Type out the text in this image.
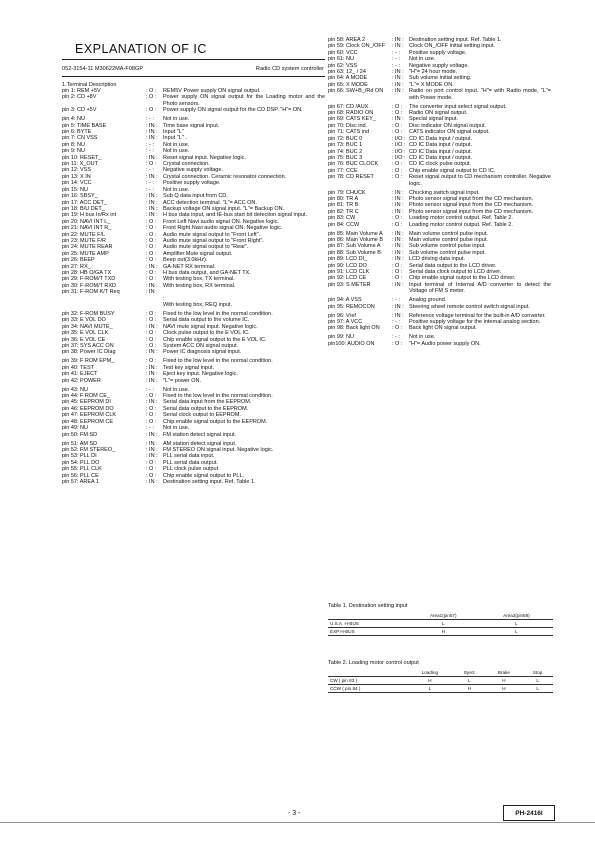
EXPLANATION OF IC
052-3154-11 M30622MA-F08GP	Radio CD system controller
1.Terminal Description
pin 1: REM +5V	: O :	REM5V Power supply ON signal output.
pin 2: CD +8V	: O :	Power supply ON signal output for the Loading motor and the Photo sensors.
pin 3: CD +5V	: O :	Power supply ON signal output for the CD DSP. "H"= ON.
pin 4: NU	: - :	Not in use.
pin 5: TIME BASE	: IN : Time base signal input.
pin 6: BYTE	: IN : Input "L"
pin 7: CN VSS	: IN : Input "L" .
pin 8: NU	: - :	Not in use.
pin 9: NU	: - :	Not in use.
pin 10: RESET_	: IN : Reset signal input. Negative logic.
pin 11: X_OUT	: O :	Crystal connection.
pin 12: VSS	: - :	Negative supply voltage.
pin 13: X IN	: IN : Crystal connection. Ceramic resonator connection.
pin 14: VCC	: - :	Positive supply voltage.
pin 15: NU	: - :	Not in use.
pin 16: SBSY_	: IN : Sub Q data input from CD.
pin 17: ACC DET_	: IN : ACC detection terminal. "L"= ACC ON.
pin 18: B/U DET_	: IN : Backup voltage ON signal input. "L"= Backup ON.
pin 19: H bus In/Rx int	: IN : H bus data input, and IE-bus start bit detection signal input.
pin 20: NAVI INT L_	: O :	Front Left Navi audio signal ON. Negative logic.
pin 21: NAVI INT R_	: O :	Front Right Navi audio signal ON. Negative logic.
pin 22: MUTE F/L	: O :	Audio mute signal output to "Front Left".
pin 23: MUTE F/R	: O :	Audio mute signal output to "Front Right".
pin 24: MUTE REAR	: O :	Audio mute signal output to "Rear".
pin 25: MUTE AMP	: O :	Amplifier Mute signal output.
pin 26: BEEP	: O :	Beep out(3.0kHz).
pin 27: RX_	: IN : GA-NET RX terminal.
pin 28: HB O/GA TX	: O :	H bus data output, and GA-NET TX.
pin 29: F-ROM/T TXD	: O :	With testing box, TX terminal.
pin 30: F-ROM/T RXD	: IN : With testing box, RX terminal.
pin 31: F-ROM K/T Req	: IN
:
With testing box, REQ input.
pin 32: F-ROM BUSY	: O :	Fixed to the low level in the normal condition.
pin 33: E VOL DO	: O :	Serial data output to the volume IC.
pin 34: NAVI MUTE_	: IN : NAVI mute signal input. Negative logic.
pin 35: E VOL CLK	: O :	Clock pulse output to the E VOL IC.
pin 36: E VOL CE	: O :	Chip enable signal output to the E VOL IC.
pin 37: SYS ACC ON	: O :	System ACC ON signal output.
pin 38: Power IC Diag	: IN : Power IC diagnosis signal input.
pin 39: F ROM EPM_	: O :	Fixed to the low level in the normal condition.
pin 40: TEST	: IN : Test key signal input.
pin 41: EJECT	: IN : Eject key input. Negative logic.
pin 42: POWER	: IN : "L"= power ON.
pin 43: NU	: - :	Not in use.
pin 44: F ROM CE_	: O :	Fixed to the low level in the normal condition.
pin 45: EEPROM DI	: IN : Serial data input from the EEPROM.
pin 46: EEPROM DO	: O :	Serial data output to the EEPROM.
pin 47: EEPROM CLK	: O :	Serial clock output to EEPROM.
pin 48: EEPROM CE	: O :	Chip enable signal output to the EEPROM.
pin 49: NU	: - :	Not in use.
pin 50: FM SD	: IN : FM station detect signal input.
pin 51: AM SD	: IN : AM station detect signal input.
pin 52: FM STEREO_	: IN : FM STEREO ON signal input. Negative logic.
pin 53: PLL DI	: IN : PLL serial data input.
pin 54: PLL DO	: O :	PLL serial data output.
pin 55: PLL CLK	: O :	PLL clock pulse output
pin 56: PLL CE	: O :	Chip enable signal output to PLL.
pin 57: AREA 1	: IN : Destination setting input. Ref. Table 1.
pin 58: AREA 2	: IN : Destination setting input. Ref. Table 1.
pin 59: Clock ON_/OFF	: IN : Clock ON_/OFF initial setting input.
pin 60: VCC	: - :	Positive supply voltage.
pin 61: NU	: - :	Not in use.
pin 62: VSS	: - :	Negative supply voltage.
pin 63: 12_ / 24	: IN : "H"= 24 hour mode.
pin 64: A MODE	: IN : Sub volume initial setting.
pin 65: X MODE	: IN : "L"= X MODE ON.
pin 66: SW+B_/Rd ON	: IN : Radio on port control input. "H"= with Radio mode, "L"= with Power mode.
pin 67: CD /AUX	: O :	The converter input select signal output.
pin 68: RADIO ON	: O :	Radio ON signal output.
pin 69: CATS KEY_	: IN : Special signal input.
pin 70: Disc ind.	: O :	Disc indicator ON signal output.
pin 71: CATS ind	: O :	CATS indicator ON signal output.
pin 72: BUC 0	: I/O : CD IC Data input / output.
pin 73: BUC 1	: I/O : CD IC Data input / output.
pin 74: BUC 2	: I/O : CD IC Data input / output.
pin 75: BUC 3	: I/O : CD IC Data input / output.
pin 76: BUC CLOCK	: O :	CD IC clock pulse output.
pin 77: CCE	: O :	Chip enable signal output to CD IC.
pin 78: CD RESET	: O :	Reset signal output to CD mechanism controller. Negative logic.
pin 79: CHUCK	: IN : Chucking switch signal input.
pin 80: TR A	: IN : Photo sensor signal input from the CD mechanism.
pin 81: TR B	: IN : Photo sensor signal input from the CD mechanism.
pin 82: TR C	: IN : Photo sensor signal input from the CD mechanism.
pin 83: CW	: O :	Loading motor control output. Ref. Table 2.
pin 84: CCW	: O :	Loading motor control output. Ref. Table 2.
pin 85: Main Volume A	: IN : Main volume control pulse input.
pin 86: Main Volume B	: IN : Main volume control pulse input.
pin 87: Sub Volume A	: IN : Sub volume control pulse input.
pin 88: Sub Volume B	: IN : Sub volume control pulse input.
pin 89: LCD DI_	: IN : LCD driving data input.
pin 90: LCD DO	: O :	Serial data output to the LCD driver.
pin 91: LCD CLK	: O :	Serial data clock output to LCD driver.
pin 92: LCD CE	: O :	Chip enable signal output to the LCD driver.
pin 93: S METER	: IN : Input terminal of Internal A/D converter to detect the Voltage of FM S meter.
pin 94: A VSS	: - :	Analog ground.
pin 95: REMOCON	: IN : Steering wheel remote control switch signal input.
pin 96: Vref	: IN : Reference voltage terminal for the built-in A/D converter.
pin 97: A VCC	: - :	Positive supply voltage for the internal analog section.
pin 98: Back light ON	: O :	Back light ON signal output.
pin 99: NU	: - :	Not in use.
pin100: AUDIO ON	: O :	"H"= Audio power supply ON.
Table 1. Destination setting input
	Area1(pin57)	Area2(pin58)
U.S.A. H-BUS	L	L
EXP H-BUS	H	L
Table 2. Loading motor control output
	Loading	Eject	Brake	Stop
CW ( pin 83 )	H	L	H	L
CCW ( pin 84 )	L	H	H	L
- 3 -	PH-2416I
